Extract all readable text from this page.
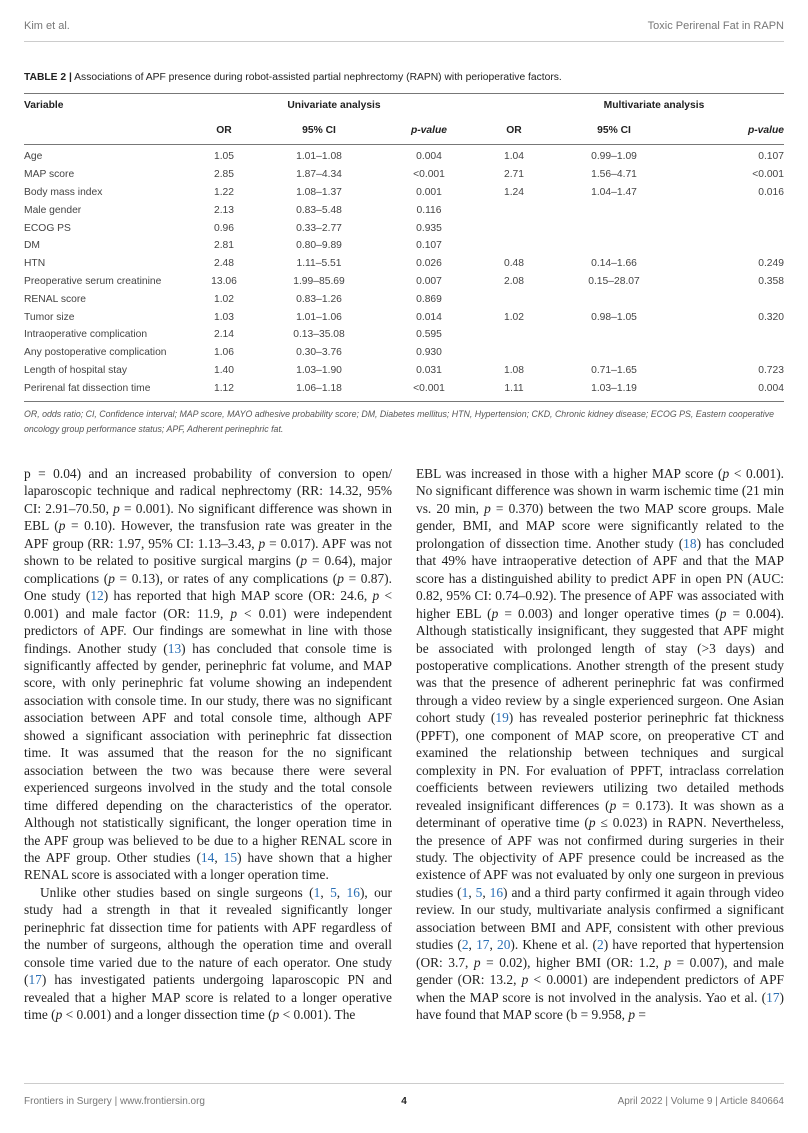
Kim et al.	Toxic Perirenal Fat in RAPN
TABLE 2 | Associations of APF presence during robot-assisted partial nephrectomy (RAPN) with perioperative factors.
Variable	Univariate analysis			Multivariate analysis		
	OR	95% CI	p-value	OR	95% CI	p-value
Age	1.05	1.01–1.08	0.004	1.04	0.99–1.09	0.107
MAP score	2.85	1.87–4.34	<0.001	2.71	1.56–4.71	<0.001
Body mass index	1.22	1.08–1.37	0.001	1.24	1.04–1.47	0.016
Male gender	2.13	0.83–5.48	0.116			
ECOG PS	0.96	0.33–2.77	0.935			
DM	2.81	0.80–9.89	0.107			
HTN	2.48	1.11–5.51	0.026	0.48	0.14–1.66	0.249
Preoperative serum creatinine	13.06	1.99–85.69	0.007	2.08	0.15–28.07	0.358
RENAL score	1.02	0.83–1.26	0.869			
Tumor size	1.03	1.01–1.06	0.014	1.02	0.98–1.05	0.320
Intraoperative complication	2.14	0.13–35.08	0.595			
Any postoperative complication	1.06	0.30–3.76	0.930			
Length of hospital stay	1.40	1.03–1.90	0.031	1.08	0.71–1.65	0.723
Perirenal fat dissection time	1.12	1.06–1.18	<0.001	1.11	1.03–1.19	0.004
OR, odds ratio; CI, Confidence interval; MAP score, MAYO adhesive probability score; DM, Diabetes mellitus; HTN, Hypertension; CKD, Chronic kidney disease; ECOG PS, Eastern cooperative oncology group performance status; APF, Adherent perinephric fat.

p = 0.04) and an increased probability of conversion to open/ laparoscopic technique and radical nephrectomy (RR: 14.32, 95% CI: 2.91–70.50, p = 0.001). No significant difference was shown in EBL (p = 0.10). However, the transfusion rate was greater in the APF group (RR: 1.97, 95% CI: 1.13–3.43, p = 0.017). APF was not shown to be related to positive surgical margins (p = 0.64), major complications (p = 0.13), or rates of any complications (p = 0.87). One study (12) has reported that high MAP score (OR: 24.6, p < 0.001) and male factor (OR: 11.9, p < 0.01) were independent predictors of APF. Our findings are somewhat in line with those findings. Another study (13) has concluded that console time is significantly affected by gender, perinephric fat volume, and MAP score, with only perinephric fat volume showing an independent association with console time. In our study, there was no significant association between APF and total console time, although APF showed a significant association with perinephric fat dissection time. It was assumed that the reason for the no significant association between the two was because there were several experienced surgeons involved in the study and the total console time differed depending on the characteristics of the operator. Although not statistically significant, the longer operation time in the APF group was believed to be due to a higher RENAL score in the APF group. Other studies (14, 15) have shown that a higher RENAL score is associated with a longer operation time.

Unlike other studies based on single surgeons (1, 5, 16), our study had a strength in that it revealed significantly longer perinephric fat dissection time for patients with APF regardless of the number of surgeons, although the operation time and overall console time varied due to the nature of each operator. One study (17) has investigated patients undergoing laparoscopic PN and revealed that a higher MAP score is related to a longer operative time (p < 0.001) and a longer dissection time (p < 0.001). The

EBL was increased in those with a higher MAP score (p < 0.001). No significant difference was shown in warm ischemic time (21 min vs. 20 min, p = 0.370) between the two MAP score groups. Male gender, BMI, and MAP score were significantly related to the prolongation of dissection time. Another study (18) has concluded that 49% have intraoperative detection of APF and that the MAP score has a distinguished ability to predict APF in open PN (AUC: 0.82, 95% CI: 0.74–0.92). The presence of APF was associated with higher EBL (p = 0.003) and longer operative times (p = 0.004). Although statistically insignificant, they suggested that APF might be associated with prolonged length of stay (>3 days) and postoperative complications. Another strength of the present study was that the presence of adherent perinephric fat was confirmed through a video review by a single experienced surgeon. One Asian cohort study (19) has revealed posterior perinephric fat thickness (PPFT), one component of MAP score, on preoperative CT and examined the relationship between techniques and surgical complexity in PN. For evaluation of PPFT, intraclass correlation coefficients between reviewers utilizing two detailed methods revealed insignificant differences (p = 0.173). It was shown as a determinant of operative time (p ≤ 0.023) in RAPN. Nevertheless, the presence of APF was not confirmed during surgeries in their study. The objectivity of APF presence could be increased as the existence of APF was not evaluated by only one surgeon in previous studies (1, 5, 16) and a third party confirmed it again through video review. In our study, multivariate analysis confirmed a significant association between BMI and APF, consistent with other previous studies (2, 17, 20). Khene et al. (2) have reported that hypertension (OR: 3.7, p = 0.02), higher BMI (OR: 1.2, p = 0.007), and male gender (OR: 13.2, p < 0.0001) are independent predictors of APF when the MAP score is not involved in the analysis. Yao et al. (17) have found that MAP score (b = 9.958, p =

Frontiers in Surgery | www.frontiersin.org	4	April 2022 | Volume 9 | Article 840664
